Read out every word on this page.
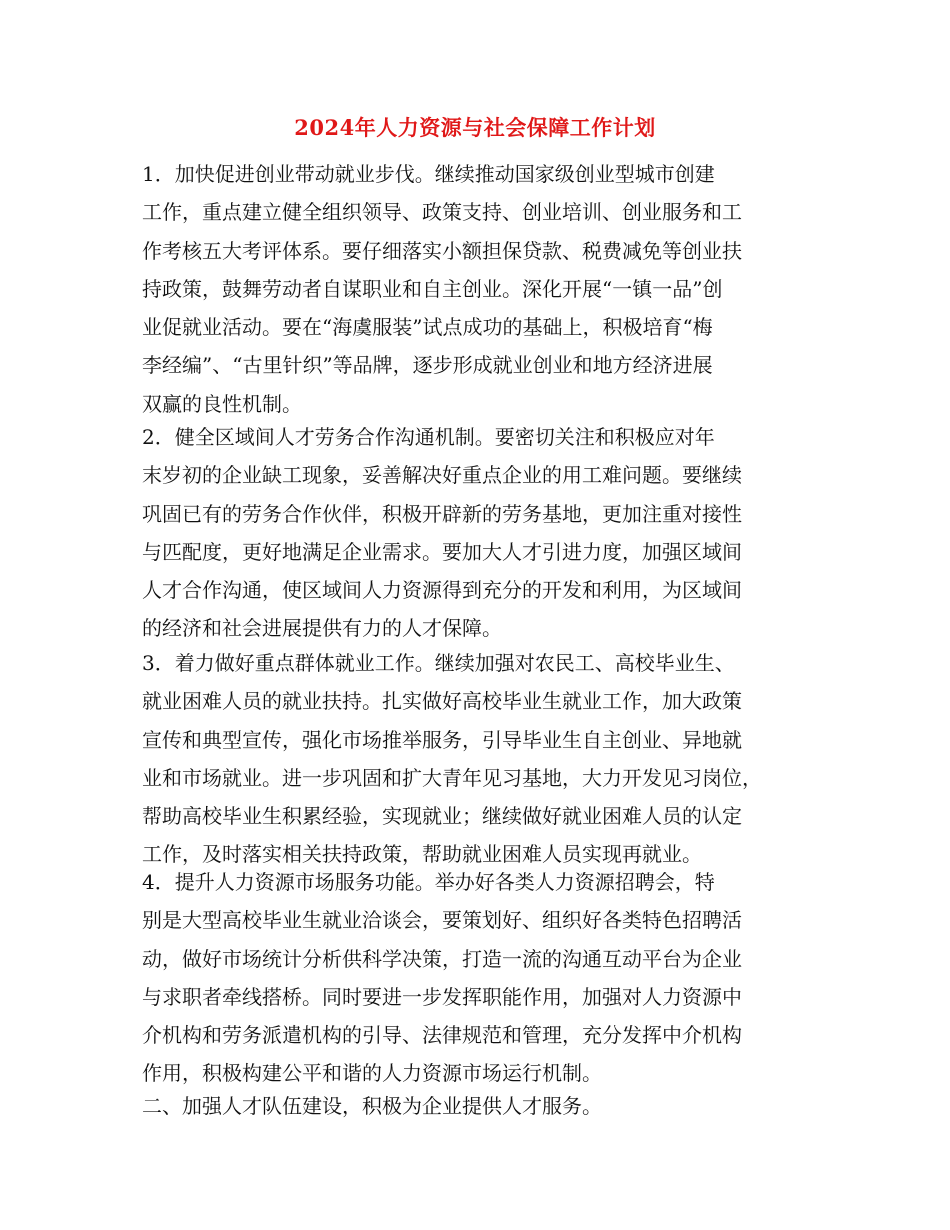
2024年人力资源与社会保障工作计划
1．加快促进创业带动就业步伐。继续推动国家级创业型城市创建
工作，重点建立健全组织领导、政策支持、创业培训、创业服务和工
作考核五大考评体系。要仔细落实小额担保贷款、税费减免等创业扶
持政策，鼓舞劳动者自谋职业和自主创业。深化开展“一镇一品”创
业促就业活动。要在“海虞服装”试点成功的基础上，积极培育“梅
李经编”、“古里针织”等品牌，逐步形成就业创业和地方经济进展
双赢的良性机制。
2．健全区域间人才劳务合作沟通机制。要密切关注和积极应对年
末岁初的企业缺工现象，妥善解决好重点企业的用工难问题。要继续
巩固已有的劳务合作伙伴，积极开辟新的劳务基地，更加注重对接性
与匹配度，更好地满足企业需求。要加大人才引进力度，加强区域间
人才合作沟通，使区域间人力资源得到充分的开发和利用，为区域间
的经济和社会进展提供有力的人才保障。
3．着力做好重点群体就业工作。继续加强对农民工、高校毕业生、
就业困难人员的就业扶持。扎实做好高校毕业生就业工作，加大政策
宣传和典型宣传，强化市场推举服务，引导毕业生自主创业、异地就
业和市场就业。进一步巩固和扩大青年见习基地，大力开发见习岗位，
帮助高校毕业生积累经验，实现就业；继续做好就业困难人员的认定
工作，及时落实相关扶持政策，帮助就业困难人员实现再就业。
4．提升人力资源市场服务功能。举办好各类人力资源招聘会，特
别是大型高校毕业生就业洽谈会，要策划好、组织好各类特色招聘活
动，做好市场统计分析供科学决策，打造一流的沟通互动平台为企业
与求职者牵线搭桥。同时要进一步发挥职能作用，加强对人力资源中
介机构和劳务派遣机构的引导、法律规范和管理，充分发挥中介机构
作用，积极构建公平和谐的人力资源市场运行机制。
二、加强人才队伍建设，积极为企业提供人才服务。
